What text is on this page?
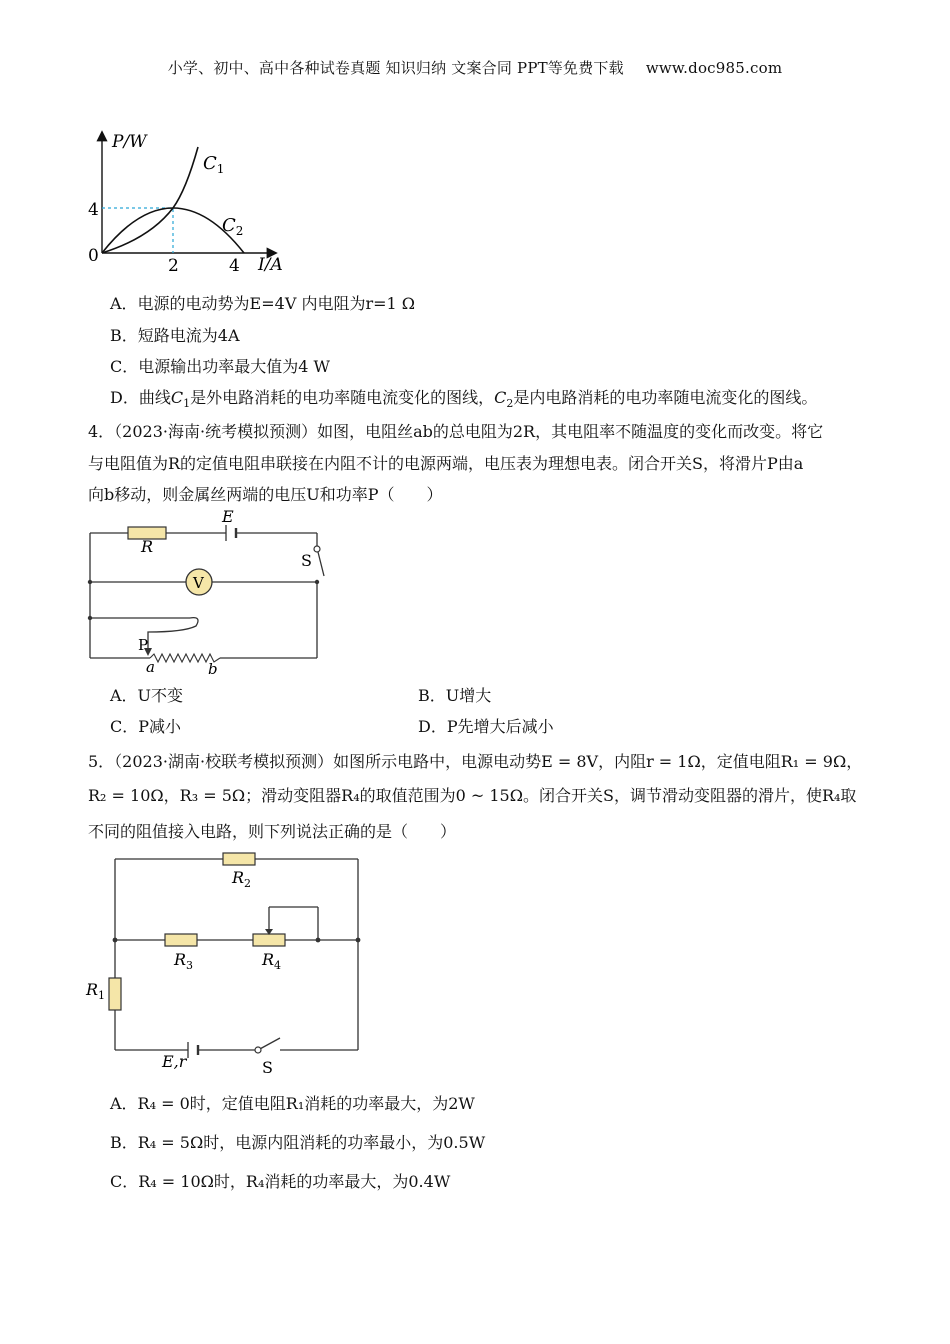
小学、初中、高中各种试卷真题 知识归纳 文案合同 PPT等免费下载 www.doc985.com
P/W
I/A
0
4
2	4
$C_1$
$C_2$
A．电源的电动势为E=4V 内电阻为r=1 Ω
B．短路电流为4A
C．电源输出功率最大值为4 W
D．曲线$C_1$是外电路消耗的电功率随电流变化的图线，$C_2$是内电路消耗的电功率随电流变化的图线。
4．（2023·海南·统考模拟预测）如图，电阻丝ab的总电阻为2R，其电阻率不随温度的变化而改变。将它
与电阻值为R的定值电阻串联接在内阻不计的电源两端，电压表为理想电表。闭合开关S，将滑片P由a
向b移动，则金属丝两端的电压U和功率P（　　）
R
E
S
V
P
a	b
A．U不变	B．U增大
C．P减小	D．P先增大后减小
5．（2023·湖南·校联考模拟预测）如图所示电路中，电源电动势E = 8V，内阻r = 1Ω，定值电阻R₁ = 9Ω，
R₂ = 10Ω，R₃ = 5Ω；滑动变阻器R₄的取值范围为0 ~ 15Ω。闭合开关S，调节滑动变阻器的滑片，使R₄取
不同的阻值接入电路，则下列说法正确的是（　　）
$R_2$
$R_3$	$R_4$
$R_1$
E,r	S
A．R₄ = 0时，定值电阻R₁消耗的功率最大，为2W
B．R₄ = 5Ω时，电源内阻消耗的功率最小，为0.5W
C．R₄ = 10Ω时，R₄消耗的功率最大，为0.4W
